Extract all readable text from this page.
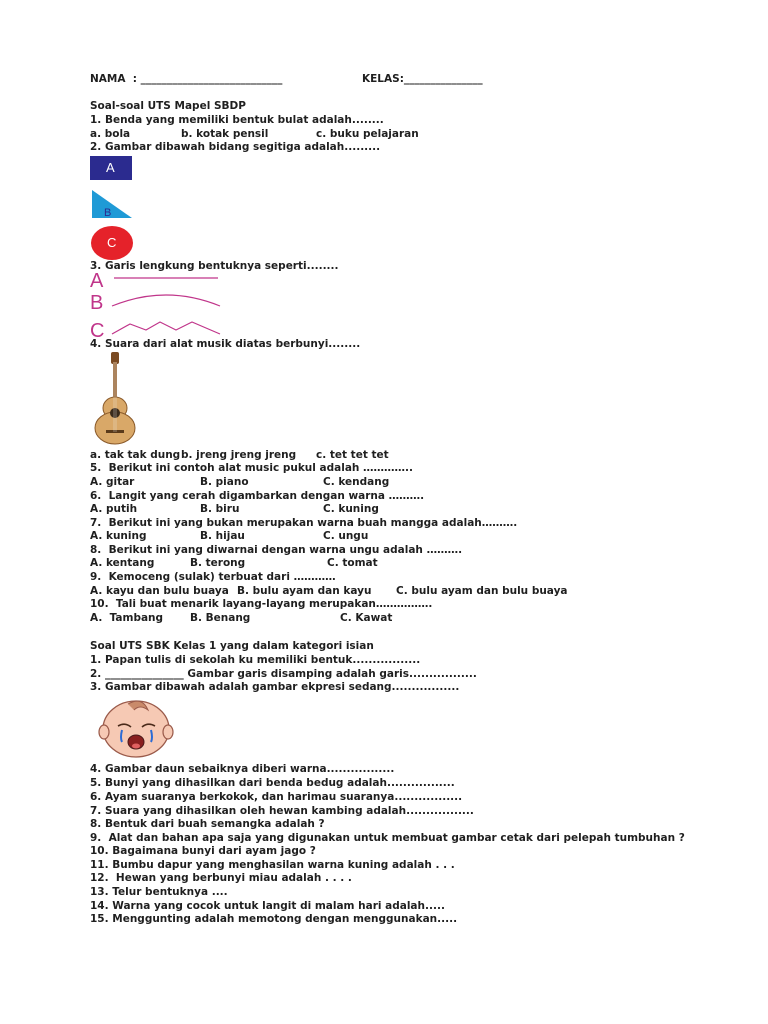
NAMA  : ___________________________	KELAS:_______________
Soal-soal UTS Mapel SBDP
1. Benda yang memiliki bentuk bulat adalah........
a. bola	b. kotak pensil	c. buku pelajaran
2. Gambar dibawah bidang segitiga adalah.........
A
B
C
3. Garis lengkung bentuknya seperti........
A
B
C
4. Suara dari alat musik diatas berbunyi........
a. tak tak dung b. jreng jreng jreng c. tet tet tet
5.  Berikut ini contoh alat music pukul adalah …………..
A. gitar	B. piano	C. kendang
6.  Langit yang cerah digambarkan dengan warna ……….
A. putih	B. biru	C. kuning
7.  Berikut ini yang bukan merupakan warna buah mangga adalah……….
A. kuning	B. hijau	C. ungu
8.  Berikut ini yang diwarnai dengan warna ungu adalah ……….
A. kentang	B. terong	C. tomat
9.  Kemoceng (sulak) terbuat dari …………
A. kayu dan bulu buaya B. bulu ayam dan kayu C. bulu ayam dan bulu buaya
10.  Tali buat menarik layang-layang merupakan…………….
A.  Tambang	B. Benang	C. Kawat
Soal UTS SBK Kelas 1 yang dalam kategori isian
1. Papan tulis di sekolah ku memiliki bentuk.................
2. _______________ Gambar garis disamping adalah garis.................
3. Gambar dibawah adalah gambar ekpresi sedang.................
4. Gambar daun sebaiknya diberi warna.................
5. Bunyi yang dihasilkan dari benda bedug adalah.................
6. Ayam suaranya berkokok, dan harimau suaranya.................
7. Suara yang dihasilkan oleh hewan kambing adalah.................
8. Bentuk dari buah semangka adalah ?
9.  Alat dan bahan apa saja yang digunakan untuk membuat gambar cetak dari pelepah tumbuhan ?
10. Bagaimana bunyi dari ayam jago ?
11. Bumbu dapur yang menghasilan warna kuning adalah . . .
12.  Hewan yang berbunyi miau adalah . . . .
13. Telur bentuknya ....
14. Warna yang cocok untuk langit di malam hari adalah.....
15. Menggunting adalah memotong dengan menggunakan.....
